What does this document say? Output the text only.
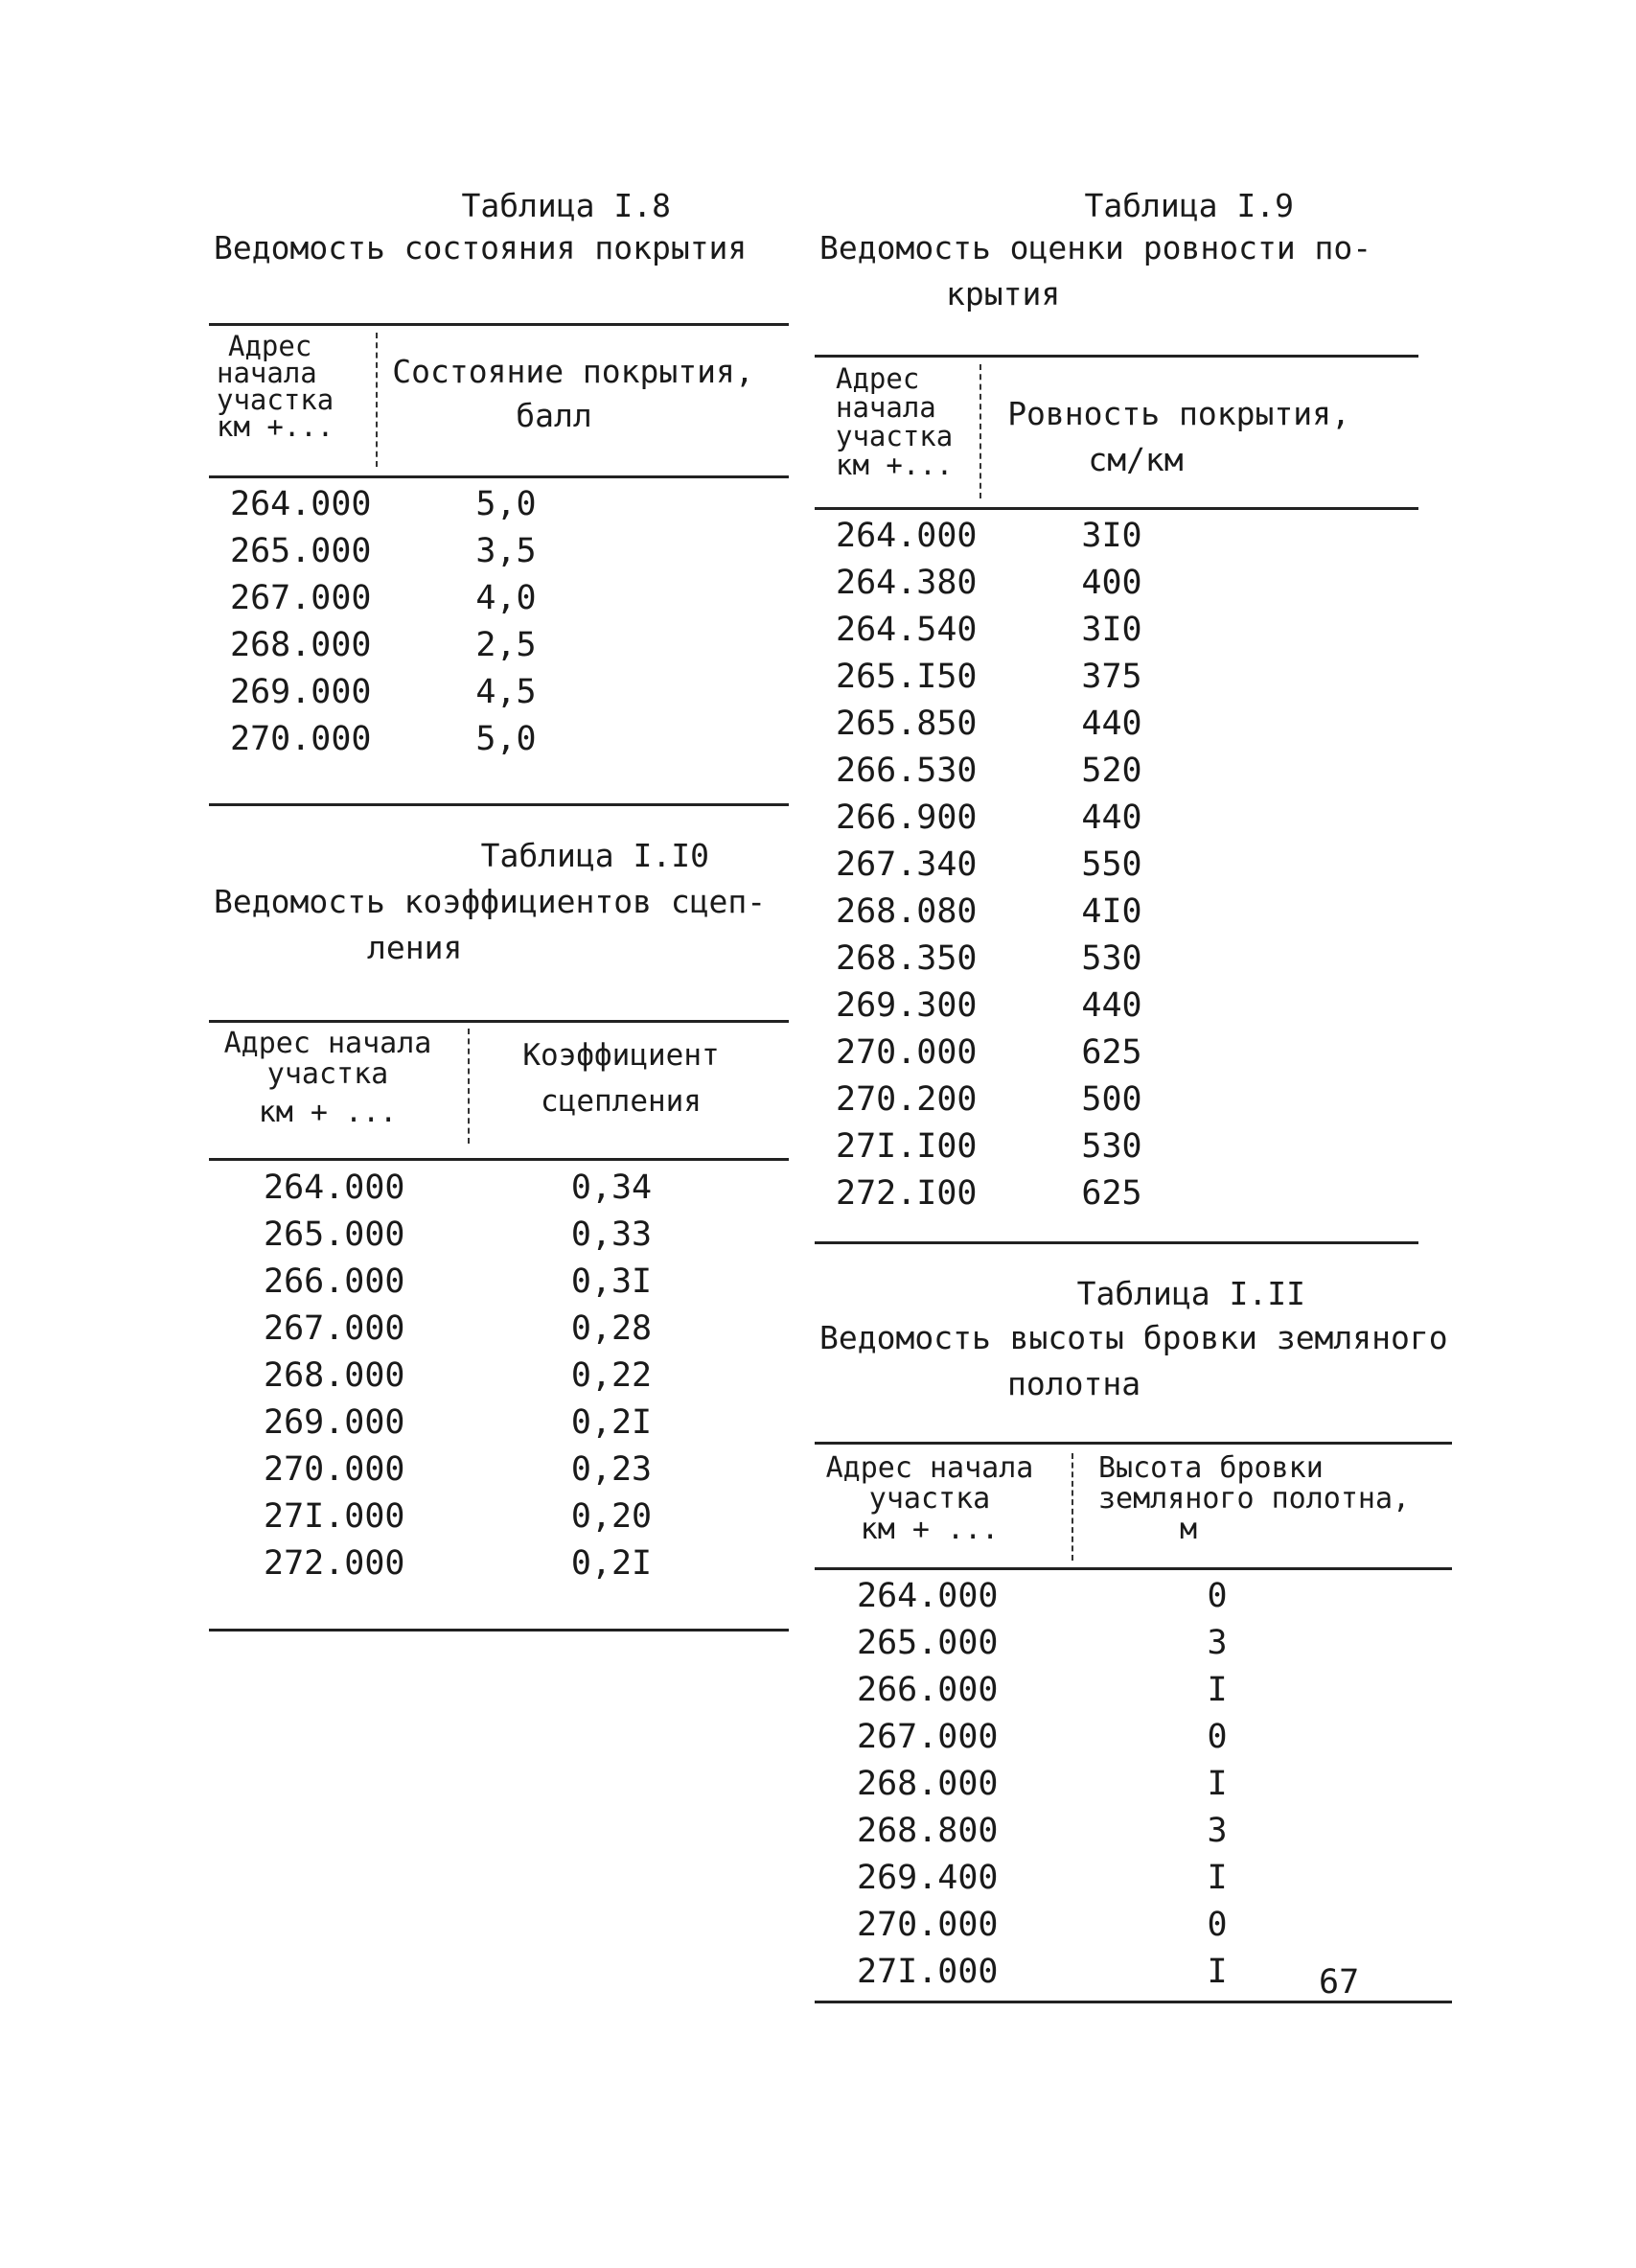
Таблица I.8
Ведомость состояния покрытия
Адрес
начала
участка
км +...
Состояние покрытия,
балл
264.000	5,0
265.000	3,5
267.000	4,0
268.000	2,5
269.000	4,5
270.000	5,0
Таблица I.I0
Ведомость коэффициентов сцеп-
ления
Адрес начала
участка
км + ...
Коэффициент
сцепления
264.000	0,34
265.000	0,33
266.000	0,3I
267.000	0,28
268.000	0,22
269.000	0,2I
270.000	0,23
27I.000	0,20
272.000	0,2I
Таблица I.9
Ведомость оценки ровности по-
крытия
Адрес
начала
участка
км +...
Ровность покрытия,
см/км
264.000	3I0
264.380	400
264.540	3I0
265.I50	375
265.850	440
266.530	520
266.900	440
267.340	550
268.080	4I0
268.350	530
269.300	440
270.000	625
270.200	500
27I.I00	530
272.I00	625
Таблица I.II
Ведомость высоты бровки земляного
полотна
Адрес начала
участка
км + ...
Высота бровки
земляного полотна,
м
264.000	0
265.000	3
266.000	I
267.000	0
268.000	I
268.800	3
269.400	I
270.000	0
27I.000	I	67
